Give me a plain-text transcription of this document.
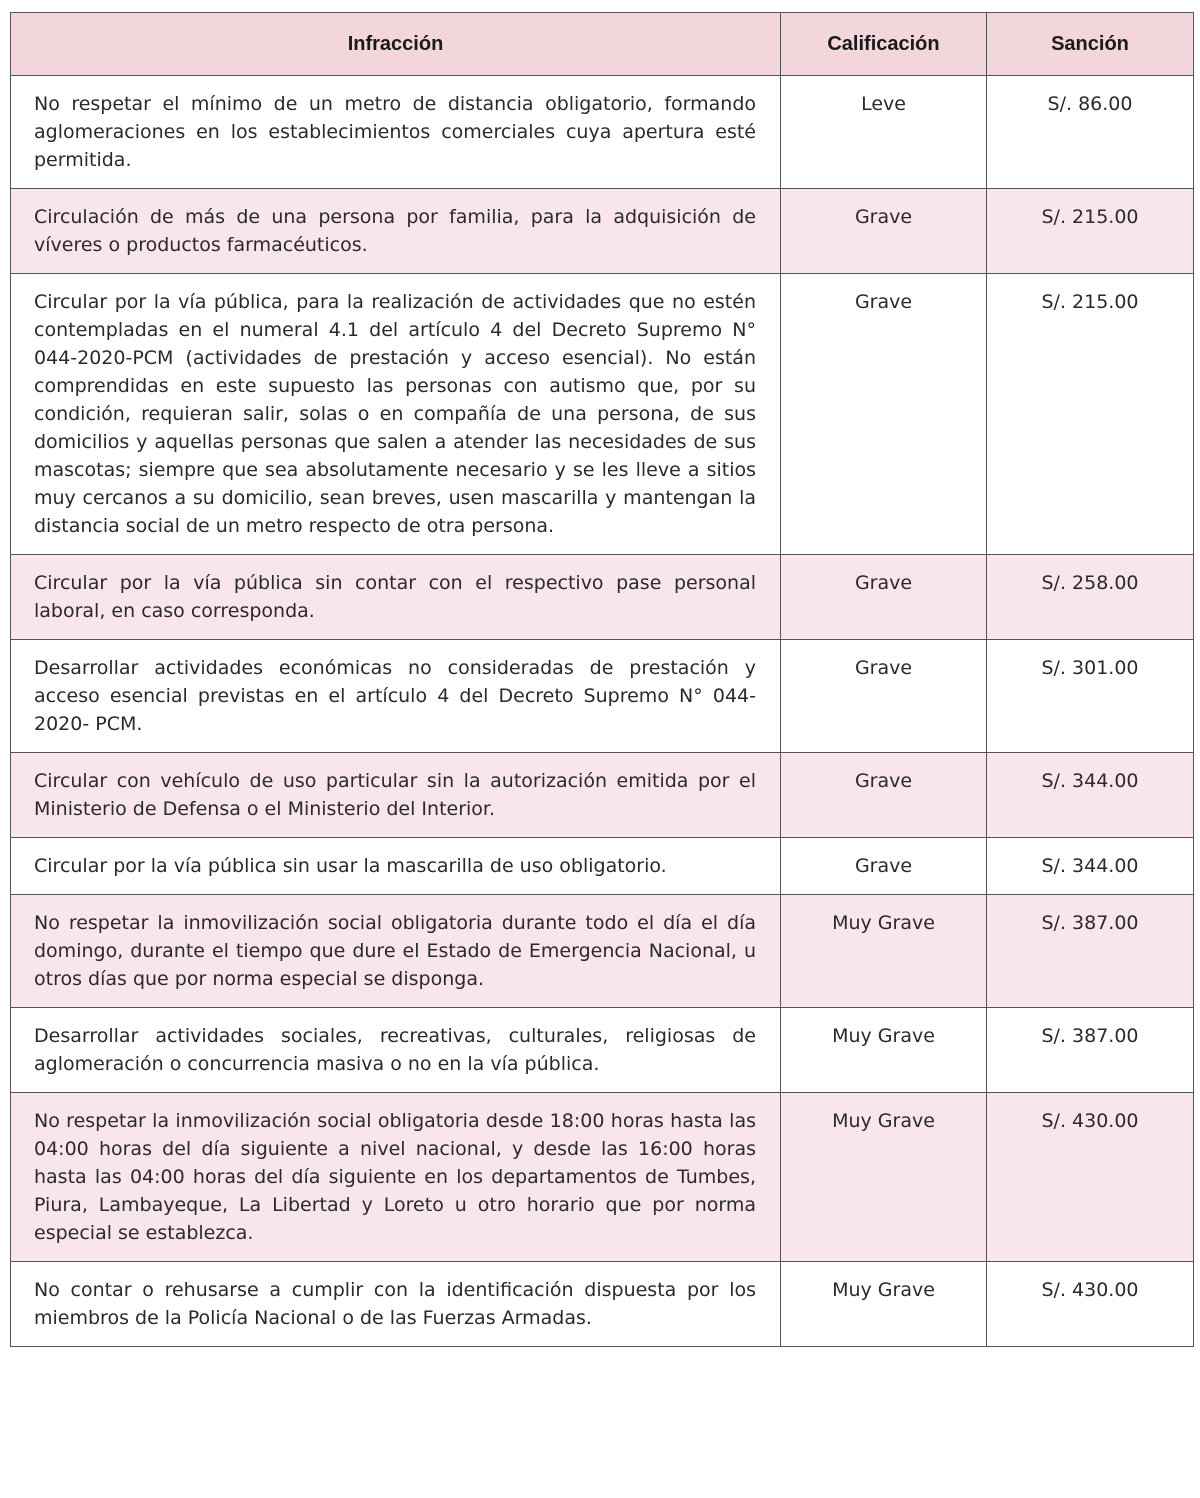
Infracción	Calificación	Sanción
No respetar el mínimo de un metro de distancia obligatorio, formando aglomeraciones en los establecimientos comerciales cuya apertura esté permitida.	Leve	S/. 86.00
Circulación de más de una persona por familia, para la adquisición de víveres o productos farmacéuticos.	Grave	S/. 215.00
Circular por la vía pública, para la realización de actividades que no estén contempladas en el numeral 4.1 del artículo 4 del Decreto Supremo N° 044-2020-PCM (actividades de prestación y acceso esencial). No están comprendidas en este supuesto las personas con autismo que, por su condición, requieran salir, solas o en compañía de una persona, de sus domicilios y aquellas personas que salen a atender las necesidades de sus mascotas; siempre que sea absolutamente necesario y se les lleve a sitios muy cercanos a su domicilio, sean breves, usen mascarilla y mantengan la distancia social de un metro respecto de otra persona.	Grave	S/. 215.00
Circular por la vía pública sin contar con el respectivo pase personal laboral, en caso corresponda.	Grave	S/. 258.00
Desarrollar actividades económicas no consideradas de prestación y acceso esencial previstas en el artículo 4 del Decreto Supremo N° 044-2020- PCM.	Grave	S/. 301.00
Circular con vehículo de uso particular sin la autorización emitida por el Ministerio de Defensa o el Ministerio del Interior.	Grave	S/. 344.00
Circular por la vía pública sin usar la mascarilla de uso obligatorio.	Grave	S/. 344.00
No respetar la inmovilización social obligatoria durante todo el día el día domingo, durante el tiempo que dure el Estado de Emergencia Nacional, u otros días que por norma especial se disponga.	Muy Grave	S/. 387.00
Desarrollar actividades sociales, recreativas, culturales, religiosas de aglomeración o concurrencia masiva o no en la vía pública.	Muy Grave	S/. 387.00
No respetar la inmovilización social obligatoria desde 18:00 horas hasta las 04:00 horas del día siguiente a nivel nacional, y desde las 16:00 horas hasta las 04:00 horas del día siguiente en los departamentos de Tumbes, Piura, Lambayeque, La Libertad y Loreto u otro horario que por norma especial se establezca.	Muy Grave	S/. 430.00
No contar o rehusarse a cumplir con la identificación dispuesta por los miembros de la Policía Nacional o de las Fuerzas Armadas.	Muy Grave	S/. 430.00
